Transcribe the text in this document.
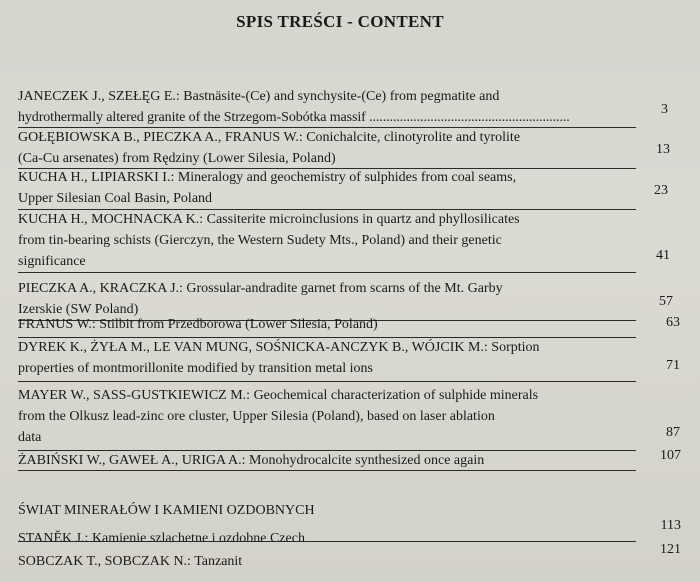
SPIS TREŚCI - CONTENT
JANECZEK J., SZEŁĘG E.: Bastnäsite-(Ce) and synchysite-(Ce) from pegmatite and
hydrothermally altered granite of the Strzegom-Sobótka massif ...........................................................
3
GOŁĘBIOWSKA B., PIECZKA A., FRANUS W.: Conichalcite, clinotyrolite and tyrolite
(Ca-Cu arsenates) from Rędziny (Lower Silesia, Poland)
13
KUCHA H., LIPIARSKI I.: Mineralogy and geochemistry of sulphides from coal seams,
Upper Silesian Coal Basin, Poland
23
KUCHA H., MOCHNACKA K.: Cassiterite microinclusions in quartz and phyllosilicates
from tin-bearing schists (Gierczyn, the Western Sudety Mts., Poland) and their genetic
significance	41
PIECZKA A., KRACZKA J.: Grossular-andradite garnet from scarns of the Mt. Garby
Izerskie (SW Poland)
57
FRANUS W.: Stilbit from Przedborowa (Lower Silesia, Poland)	63
DYREK K., ŻYŁA M., LE VAN MUNG, SOŚNICKA-ANCZYK B., WÓJCIK M.: Sorption
properties of montmorillonite modified by transition metal ions	71
MAYER W., SASS-GUSTKIEWICZ M.: Geochemical characterization of sulphide minerals
from the Olkusz lead-zinc ore cluster, Upper Silesia (Poland), based on laser ablation
data	87
ŻABIŃSKI W., GAWEŁ A., URIGA A.: Monohydrocalcite synthesized once again	107
ŚWIAT MINERAŁÓW I KAMIENI OZDOBNYCH
STANĚK J.: Kamienie szlachetne i ozdobne Czech
113
SOBCZAK T., SOBCZAK N.: Tanzanit
121
